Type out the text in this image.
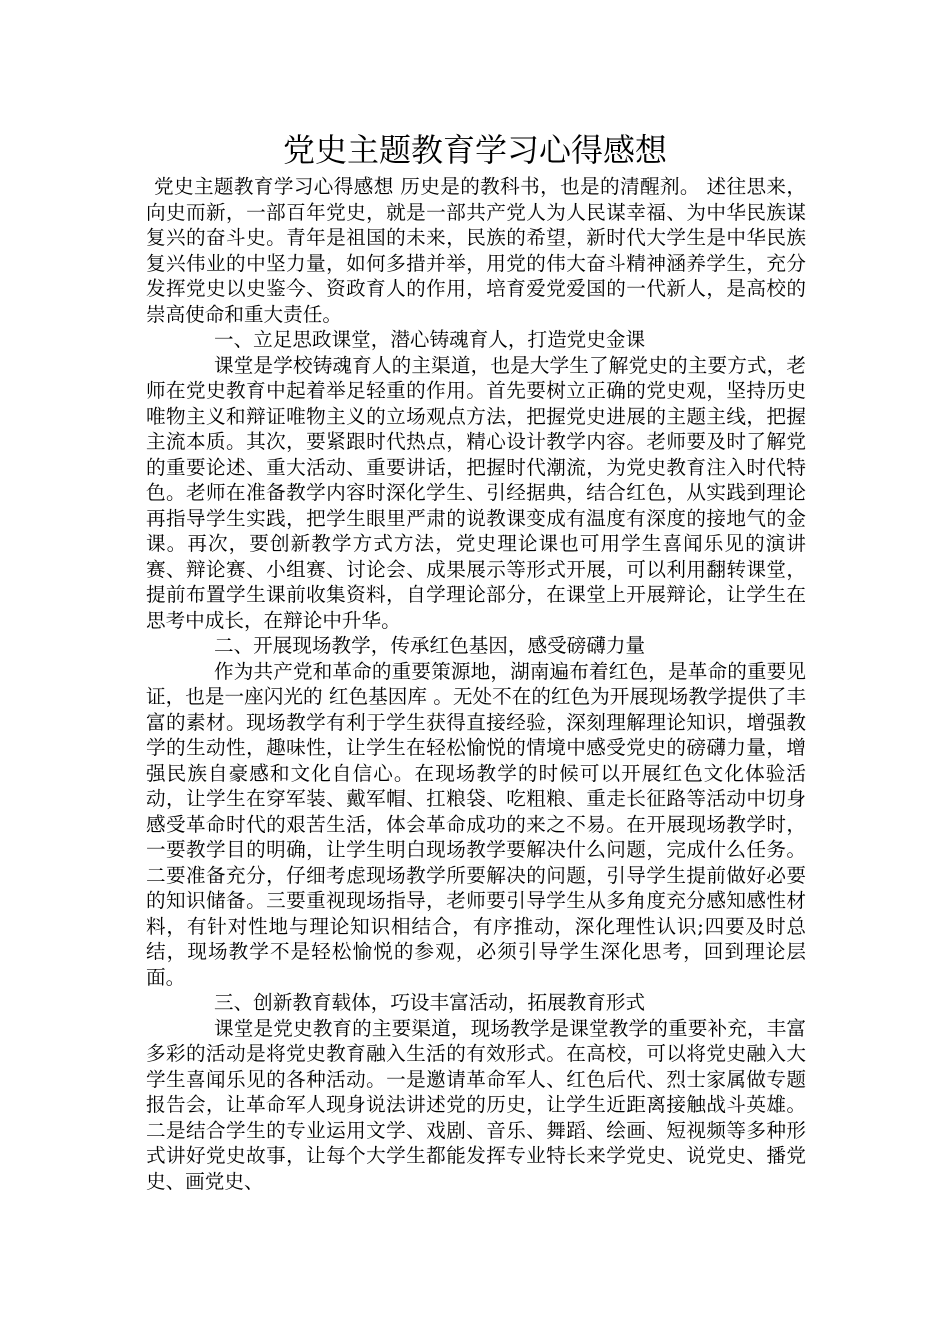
党史主题教育学习心得感想

党史主题教育学习心得感想 历史是的教科书，也是的清醒剂。 述往思来，向史而新，一部百年党史，就是一部共产党人为人民谋幸福、为中华民族谋复兴的奋斗史。青年是祖国的未来，民族的希望，新时代大学生是中华民族复兴伟业的中坚力量，如何多措并举，用党的伟大奋斗精神涵养学生，充分发挥党史以史鉴今、资政育人的作用，培育爱党爱国的一代新人，是高校的崇高使命和重大责任。

一、立足思政课堂，潜心铸魂育人，打造党史金课

课堂是学校铸魂育人的主渠道，也是大学生了解党史的主要方式，老师在党史教育中起着举足轻重的作用。首先要树立正确的党史观，坚持历史唯物主义和辩证唯物主义的立场观点方法，把握党史进展的主题主线，把握主流本质。其次，要紧跟时代热点，精心设计教学内容。老师要及时了解党的重要论述、重大活动、重要讲话，把握时代潮流，为党史教育注入时代特色。老师在准备教学内容时深化学生、引经据典，结合红色，从实践到理论再指导学生实践，把学生眼里严肃的说教课变成有温度有深度的接地气的金课。再次，要创新教学方式方法，党史理论课也可用学生喜闻乐见的演讲赛、辩论赛、小组赛、讨论会、成果展示等形式开展，可以利用翻转课堂，提前布置学生课前收集资料，自学理论部分，在课堂上开展辩论，让学生在思考中成长，在辩论中升华。

二、开展现场教学，传承红色基因，感受磅礴力量

作为共产党和革命的重要策源地，湖南遍布着红色，是革命的重要见证，也是一座闪光的 红色基因库 。无处不在的红色为开展现场教学提供了丰富的素材。现场教学有利于学生获得直接经验，深刻理解理论知识，增强教学的生动性，趣味性，让学生在轻松愉悦的情境中感受党史的磅礴力量，增强民族自豪感和文化自信心。在现场教学的时候可以开展红色文化体验活动，让学生在穿军装、戴军帽、扛粮袋、吃粗粮、重走长征路等活动中切身感受革命时代的艰苦生活，体会革命成功的来之不易。在开展现场教学时，一要教学目的明确，让学生明白现场教学要解决什么问题，完成什么任务。二要准备充分，仔细考虑现场教学所要解决的问题，引导学生提前做好必要的知识储备。三要重视现场指导，老师要引导学生从多角度充分感知感性材料，有针对性地与理论知识相结合，有序推动，深化理性认识;四要及时总结，现场教学不是轻松愉悦的参观，必须引导学生深化思考，回到理论层面。

三、创新教育载体，巧设丰富活动，拓展教育形式

课堂是党史教育的主要渠道，现场教学是课堂教学的重要补充，丰富多彩的活动是将党史教育融入生活的有效形式。在高校，可以将党史融入大学生喜闻乐见的各种活动。一是邀请革命军人、红色后代、烈士家属做专题报告会，让革命军人现身说法讲述党的历史，让学生近距离接触战斗英雄。二是结合学生的专业运用文学、戏剧、音乐、舞蹈、绘画、短视频等多种形式讲好党史故事，让每个大学生都能发挥专业特长来学党史、说党史、播党史、画党史、
